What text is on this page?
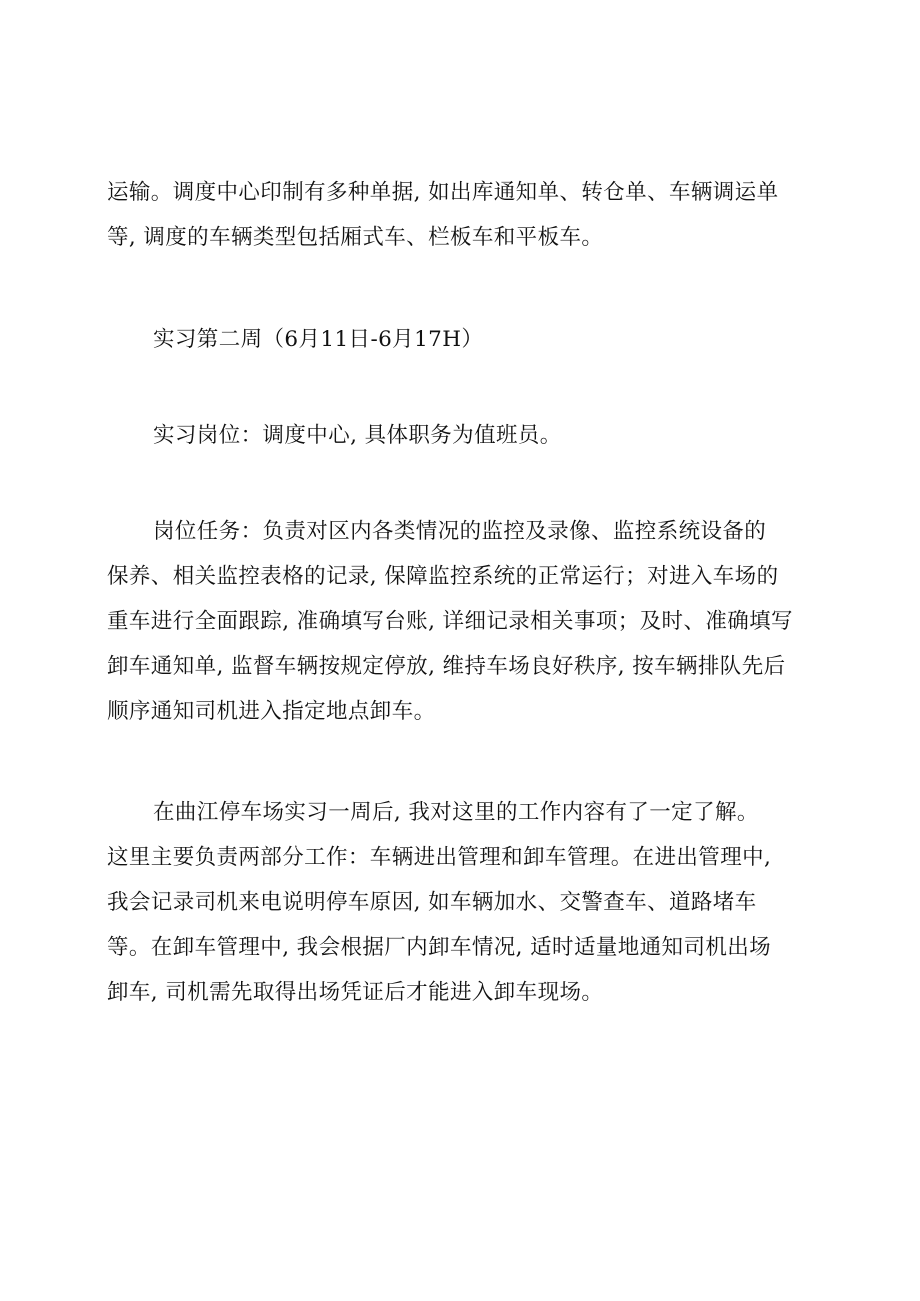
运输。调度中心印制有多种单据, 如出库通知单、转仓单、车辆调运单
等, 调度的车辆类型包括厢式车、栏板车和平板车。
实习第二周（6月11日-6月17H）
实习岗位：调度中心, 具体职务为值班员。
岗位任务：负责对区内各类情况的监控及录像、监控系统设备的
保养、相关监控表格的记录, 保障监控系统的正常运行；对进入车场的
重车进行全面跟踪, 准确填写台账, 详细记录相关事项；及时、准确填写
卸车通知单, 监督车辆按规定停放, 维持车场良好秩序, 按车辆排队先后
顺序通知司机进入指定地点卸车。
在曲江停车场实习一周后, 我对这里的工作内容有了一定了解。
这里主要负责两部分工作：车辆进出管理和卸车管理。在进出管理中,
我会记录司机来电说明停车原因, 如车辆加水、交警查车、道路堵车
等。在卸车管理中, 我会根据厂内卸车情况, 适时适量地通知司机出场
卸车, 司机需先取得出场凭证后才能进入卸车现场。
